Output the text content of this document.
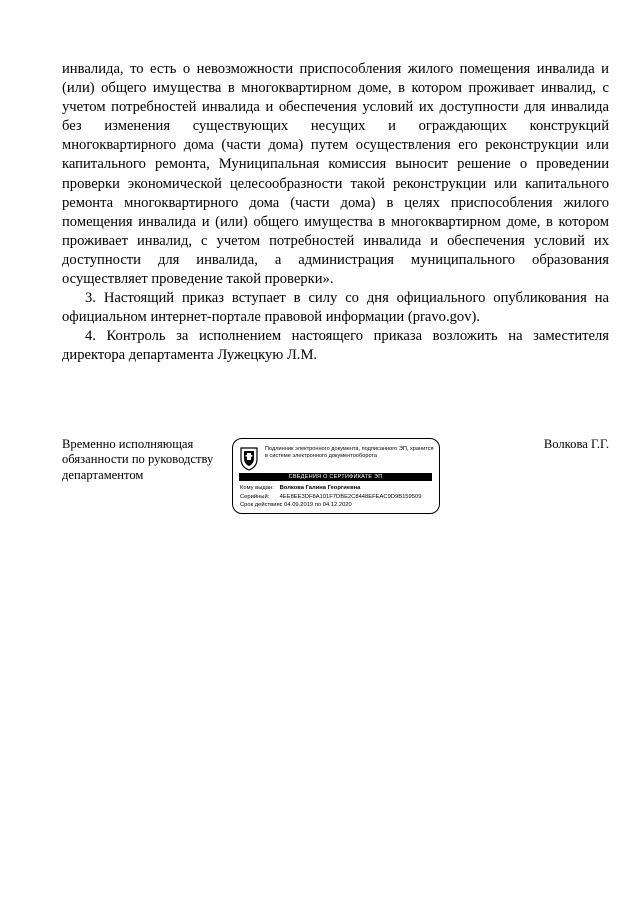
инвалида, то есть о невозможности приспособления жилого помещения инвалида и (или) общего имущества в многоквартирном доме, в котором проживает инвалид, с учетом потребностей инвалида и обеспечения условий их доступности для инвалида без изменения существующих несущих и ограждающих конструкций многоквартирного дома (части дома) путем осуществления его реконструкции или капитального ремонта, Муниципальная комиссия выносит решение о проведении проверки экономической целесообразности такой реконструкции или капитального ремонта многоквартирного дома (части дома) в целях приспособления жилого помещения инвалида и (или) общего имущества в многоквартирном доме, в котором проживает инвалид, с учетом потребностей инвалида и обеспечения условий их доступности для инвалида, а администрация муниципального образования осуществляет проведение такой проверки».

3. Настоящий приказ вступает в силу со дня официального опубликования на официальном интернет-портале правовой информации (pravo.gov).

4. Контроль за исполнением настоящего приказа возложить на заместителя директора департамента Лужецкую Л.М.

Временно исполняющая
обязанности по руководству
департаментом
Подлинник электронного документа, подписанного ЭП, хранится в системе электронного документооборота
СВЕДЕНИЯ О СЕРТИФИКАТЕ ЭП
Кому выдан: Волкова Галина Георгиевна
Серийный: 4EE8EE3DF8A101F7DBE2C8448EFEAC9D9B159509
Срок действия: с 04.09.2019 по 04.12.2020
Волкова Г.Г.
